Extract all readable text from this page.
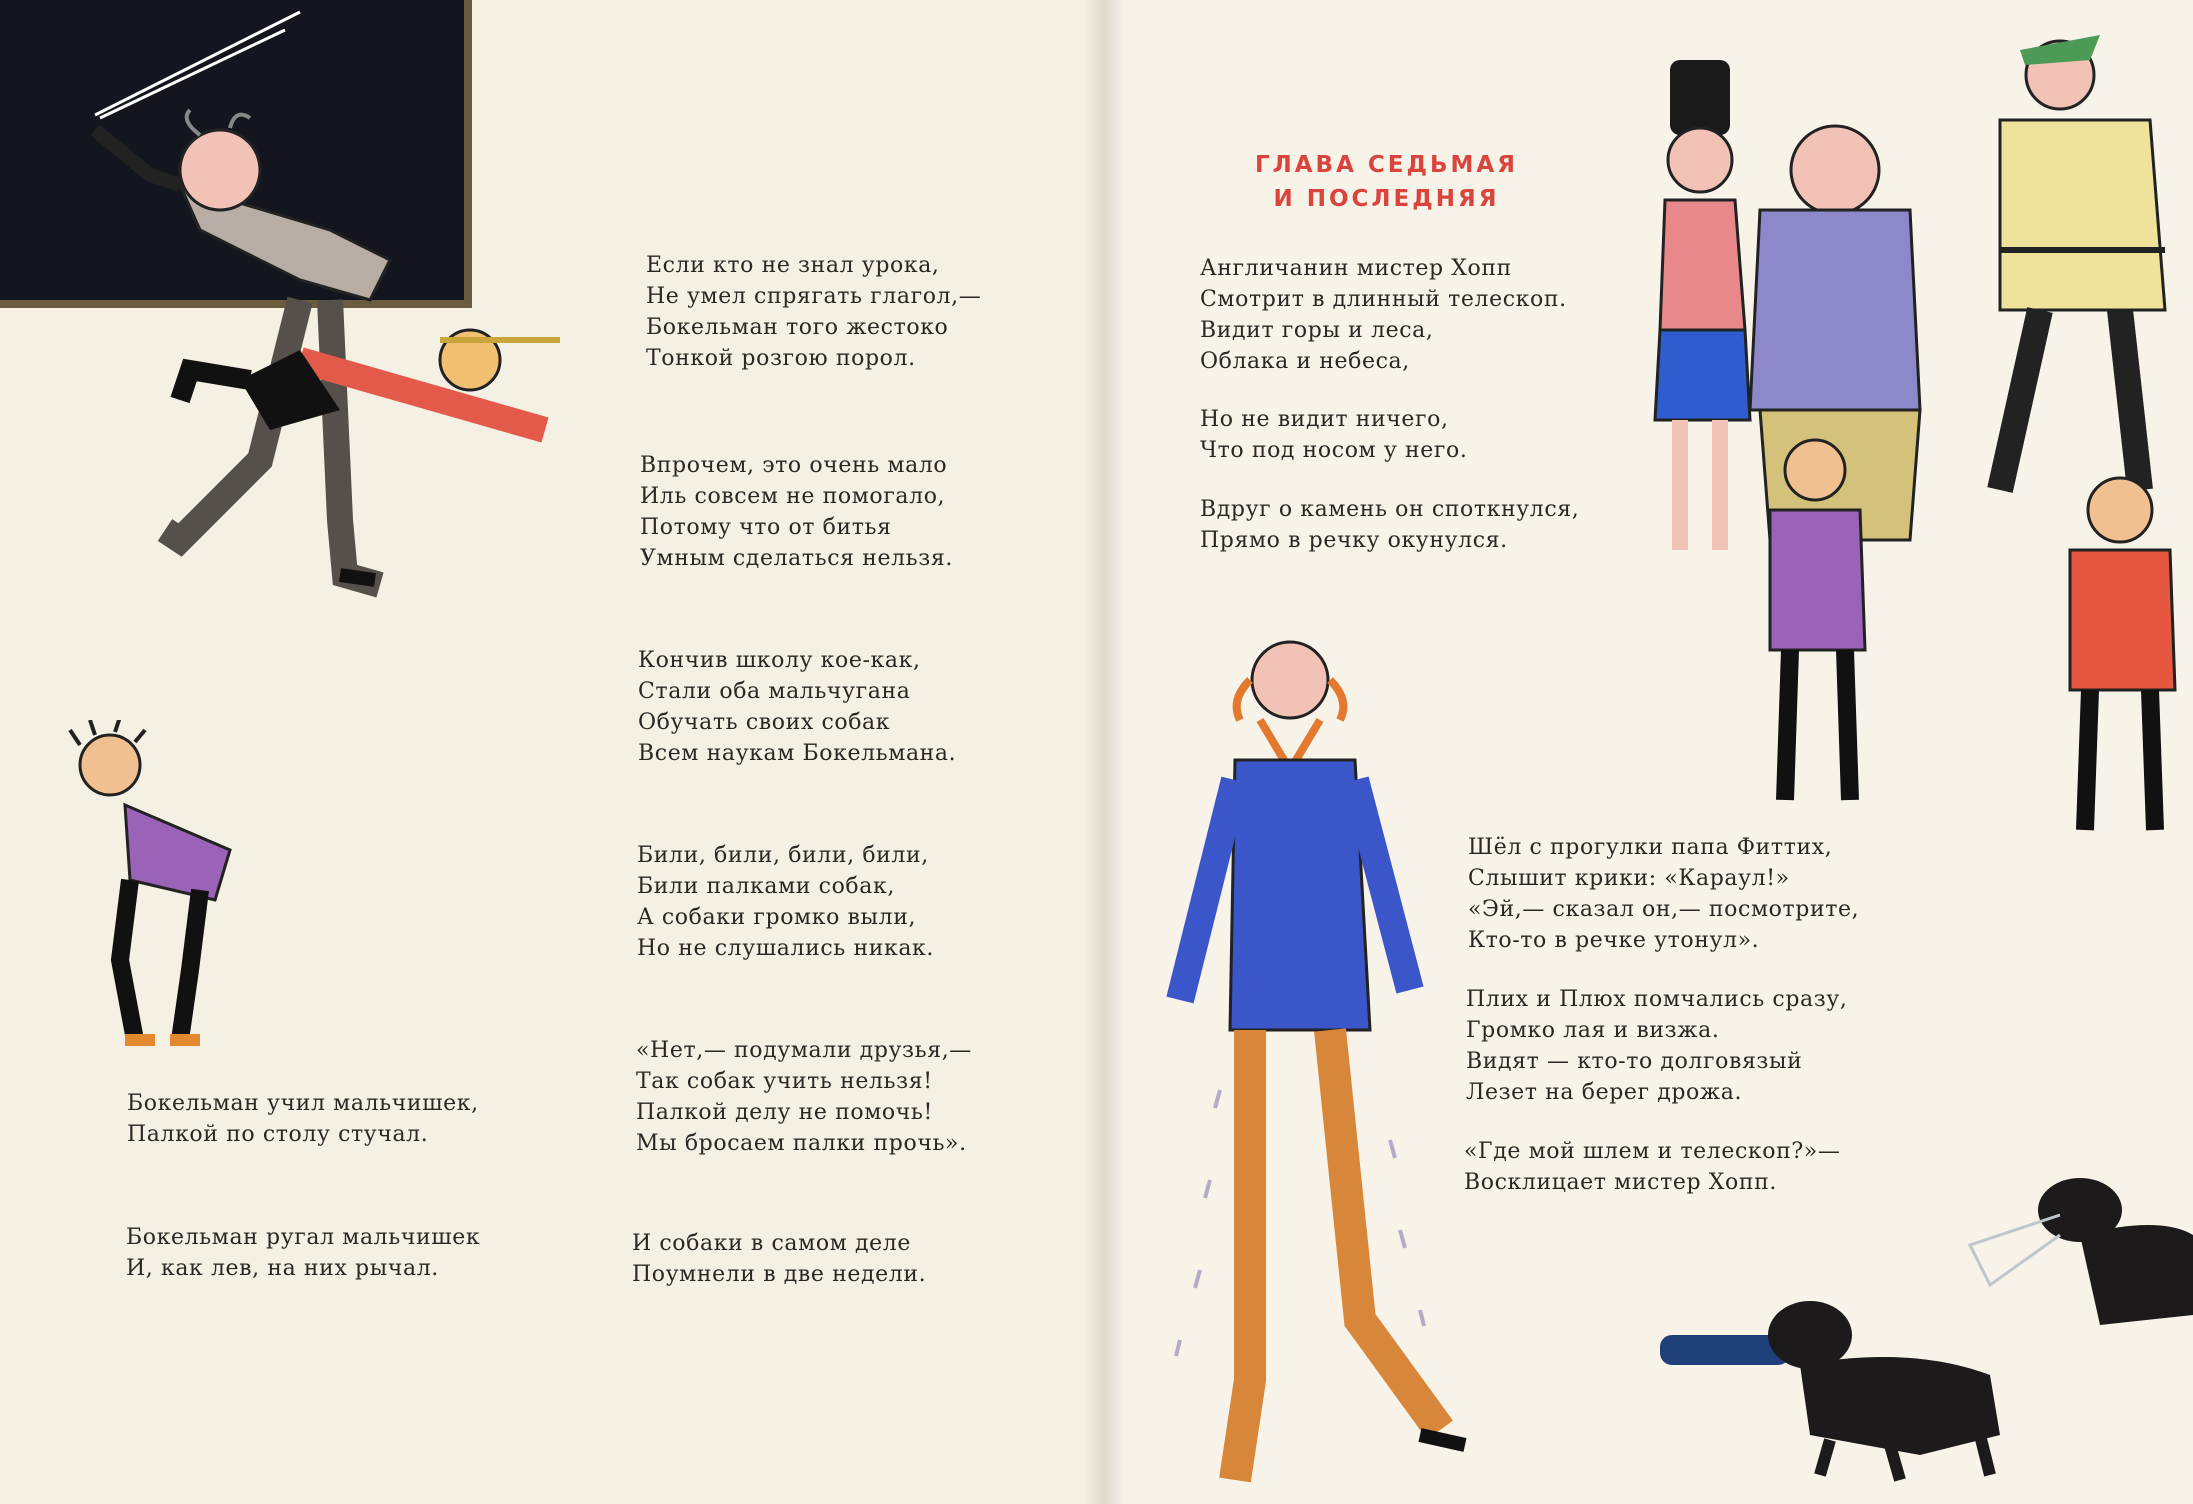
Если кто не знал урока,
Не умел спрягать глагол,—
Бокельман того жестоко
Тонкой розгою порол.

Впрочем, это очень мало
Иль совсем не помогало,
Потому что от битья
Умным сделаться нельзя.

Кончив школу кое-как,
Стали оба мальчугана
Обучать своих собак
Всем наукам Бокельмана.

Били, били, били, били,
Били палками собак,
А собаки громко выли,
Но не слушались никак.

«Нет,— подумали друзья,—
Так собак учить нельзя!
Палкой делу не помочь!
Мы бросаем палки прочь».

И собаки в самом деле
Поумнели в две недели.

Бокельман учил мальчишек,
Палкой по столу стучал.

Бокельман ругал мальчишек
И, как лев, на них рычал.

ГЛАВА СЕДЬМАЯ
И ПОСЛЕДНЯЯ

Англичанин мистер Хопп
Смотрит в длинный телескоп.
Видит горы и леса,
Облака и небеса,

Но не видит ничего,
Что под носом у него.

Вдруг о камень он споткнулся,
Прямо в речку окунулся.

Шёл с прогулки папа Фиттих,
Слышит крики: «Караул!»
«Эй,— сказал он,— посмотрите,
Кто-то в речке утонул».

Плих и Плюх помчались сразу,
Громко лая и визжа.
Видят — кто-то долговязый
Лезет на берег дрожа.

«Где мой шлем и телескоп?»—
Восклицает мистер Хопп.
